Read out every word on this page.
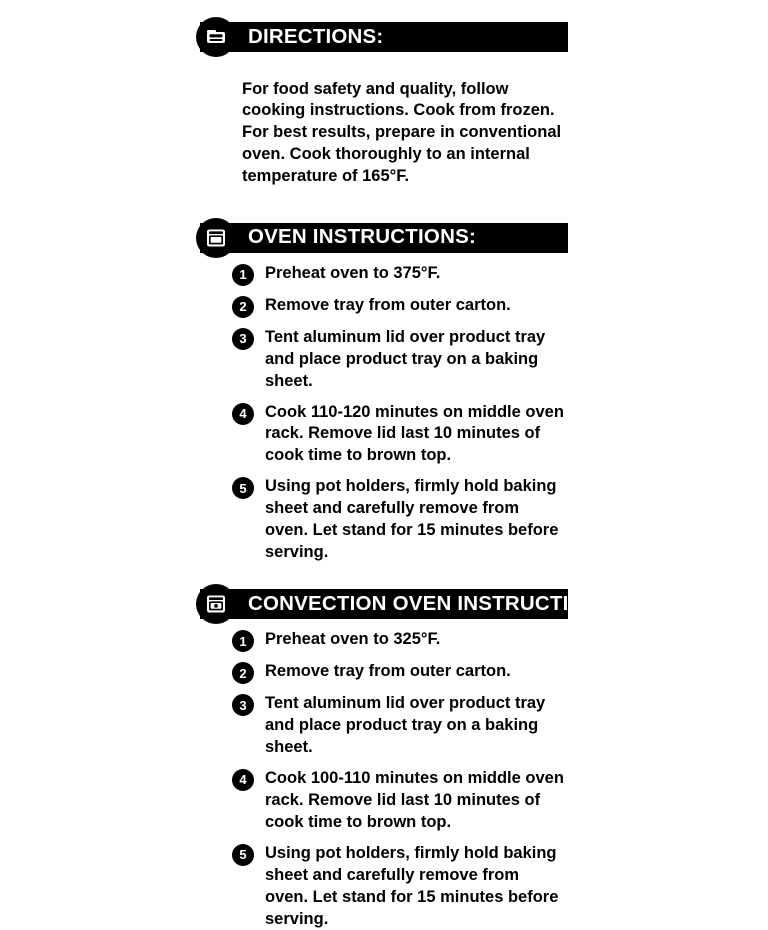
DIRECTIONS:

For food safety and quality, follow cooking instructions. Cook from frozen. For best results, prepare in conventional oven. Cook thoroughly to an internal temperature of 165°F.

OVEN INSTRUCTIONS:
1	Preheat oven to 375°F.
2	Remove tray from outer carton.
3	Tent aluminum lid over product tray and place product tray on a baking sheet.
4	Cook 110-120 minutes on middle oven rack. Remove lid last 10 minutes of cook time to brown top.
5	Using pot holders, firmly hold baking sheet and carefully remove from oven. Let stand for 15 minutes before serving.
CONVECTION OVEN INSTRUCTIONS:
1	Preheat oven to 325°F.
2	Remove tray from outer carton.
3	Tent aluminum lid over product tray and place product tray on a baking sheet.
4	Cook 100-110 minutes on middle oven rack. Remove lid last 10 minutes of cook time to brown top.
5	Using pot holders, firmly hold baking sheet and carefully remove from oven. Let stand for 15 minutes before serving.
